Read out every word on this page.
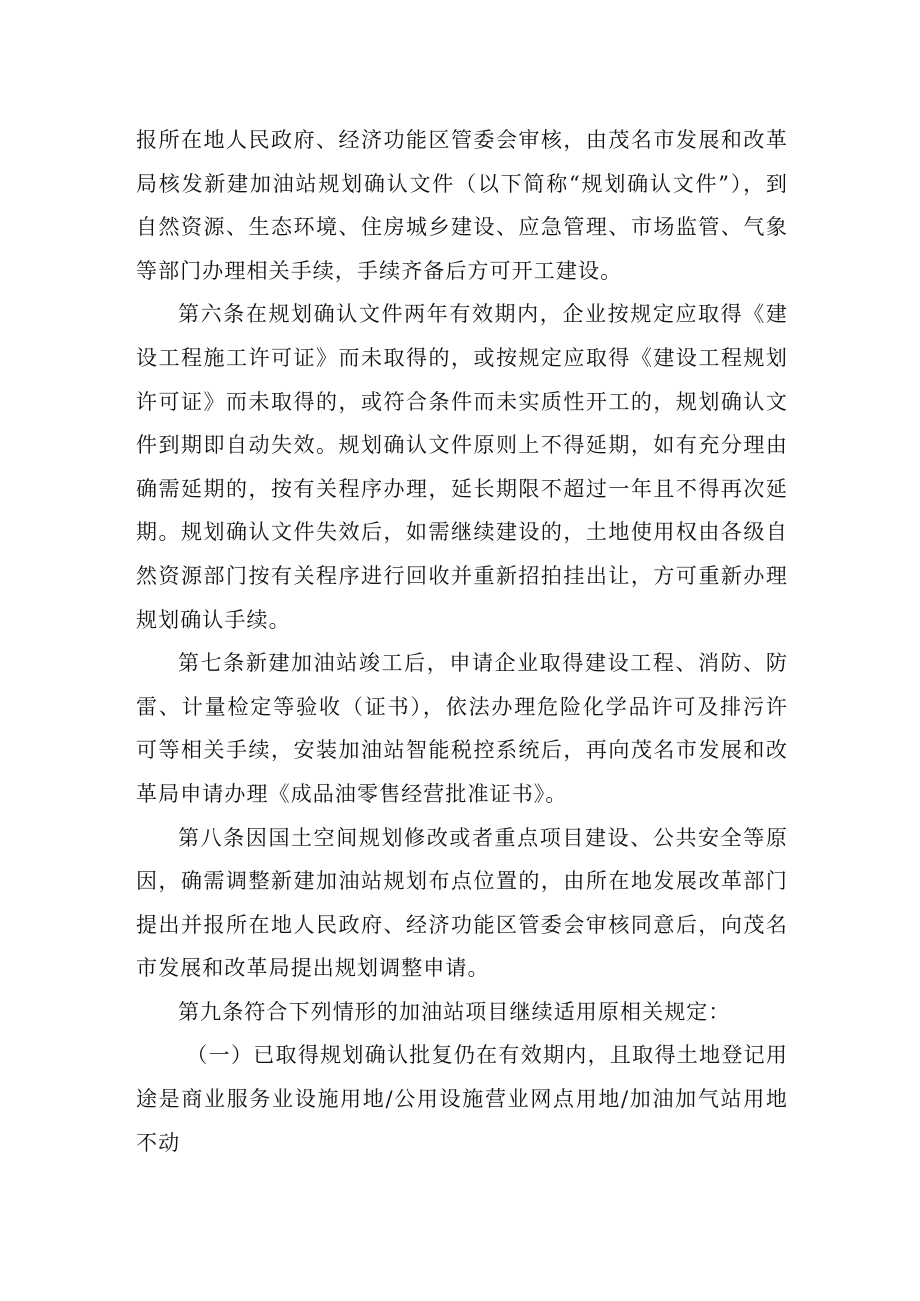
报所在地人民政府、经济功能区管委会审核，由茂名市发展和改革局核发新建加油站规划确认文件（以下简称“规划确认文件”），到自然资源、生态环境、住房城乡建设、应急管理、市场监管、气象等部门办理相关手续，手续齐备后方可开工建设。

第六条在规划确认文件两年有效期内，企业按规定应取得《建设工程施工许可证》而未取得的，或按规定应取得《建设工程规划许可证》而未取得的，或符合条件而未实质性开工的，规划确认文件到期即自动失效。规划确认文件原则上不得延期，如有充分理由确需延期的，按有关程序办理，延长期限不超过一年且不得再次延期。规划确认文件失效后，如需继续建设的，土地使用权由各级自然资源部门按有关程序进行回收并重新招拍挂出让，方可重新办理规划确认手续。

第七条新建加油站竣工后，申请企业取得建设工程、消防、防雷、计量检定等验收（证书），依法办理危险化学品许可及排污许可等相关手续，安装加油站智能税控系统后，再向茂名市发展和改革局申请办理《成品油零售经营批准证书》。

第八条因国土空间规划修改或者重点项目建设、公共安全等原因，确需调整新建加油站规划布点位置的，由所在地发展改革部门提出并报所在地人民政府、经济功能区管委会审核同意后，向茂名市发展和改革局提出规划调整申请。

第九条符合下列情形的加油站项目继续适用原相关规定：

（一）已取得规划确认批复仍在有效期内，且取得土地登记用途是商业服务业设施用地/公用设施营业网点用地/加油加气站用地不动
